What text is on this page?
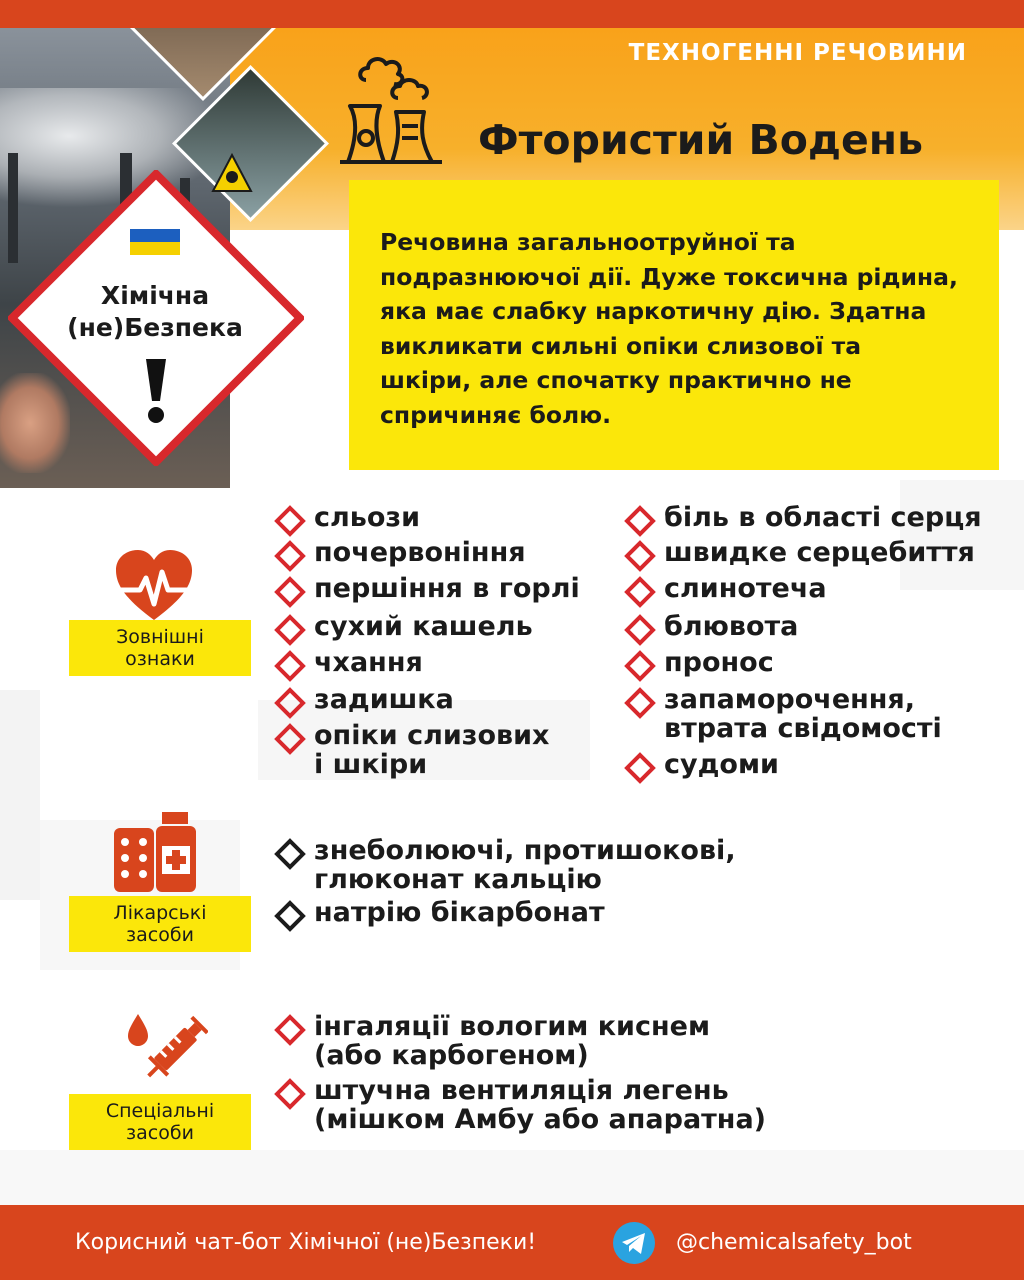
Хімічна (не)Безпека
ТЕХНОГЕННІ РЕЧОВИНИ
Фтористий Водень
Речовина загальноотруйної та подразнюючої дії. Дуже токсична рідина, яка має слабку наркотичну дію. Здатна викликати сильні опіки слизової та шкіри, але спочатку практично не спричиняє болю.
Зовнішні
ознаки
сльози
почервоніння
першіння в горлі
сухий кашель
чхання
задишка
опіки слизових
і шкіри
біль в області серця
швидке серцебиття
слинотеча
блювота
пронос
запаморочення,
втрата свідомості
судоми
Лікарські
засоби
знеболюючі, протишокові,
глюконат кальцію
натрію бікарбонат
Спеціальні
засоби
інгаляції вологим киснем
(або карбогеном)
штучна вентиляція легень
(мішком Амбу або апаратна)
Корисний чат-бот Хімічної (не)Безпеки!	@chemicalsafety_bot
